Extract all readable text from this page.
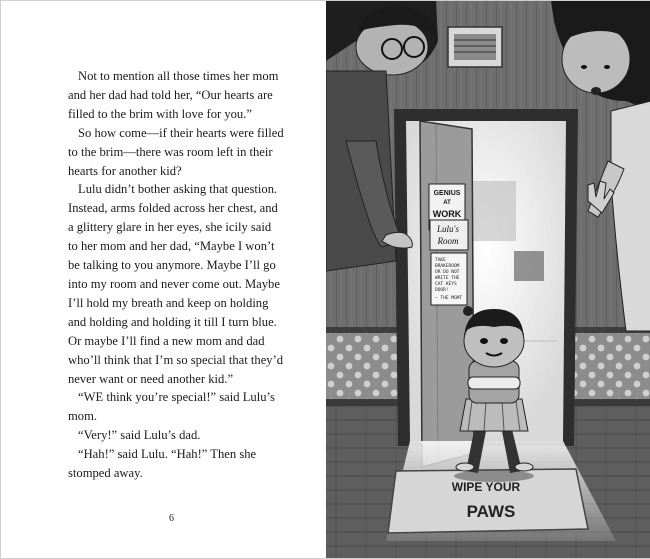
Not to mention all those times her mom

and her dad had told her, “Our hearts are

filled to the brim with love for you.”

So how come—if their hearts were filled

to the brim—there was room left in their

hearts for another kid?

Lulu didn’t bother asking that question.

Instead, arms folded across her chest, and

a glittery glare in her eyes, she icily said

to her mom and her dad, “Maybe I won’t

be talking to you anymore. Maybe I’ll go

into my room and never come out. Maybe

I’ll hold my breath and keep on holding

and holding and holding it till I turn blue.

Or maybe I’ll find a new mom and dad

who’ll think that I’m so special that they’d

never want or need another kid.”

“WE think you’re special!” said Lulu’s

mom.

“Very!” said Lulu’s dad.

“Hah!” said Lulu. “Hah!” Then she

stomped away.

6
GENIUS
AT
WORK
Lulu's
Room
TAKE
BRAKEROOM
OR DO NOT
WRITE THE
CAT KEYS
DOOR!
— THE MGMT
WIPE YOUR
PAWS
